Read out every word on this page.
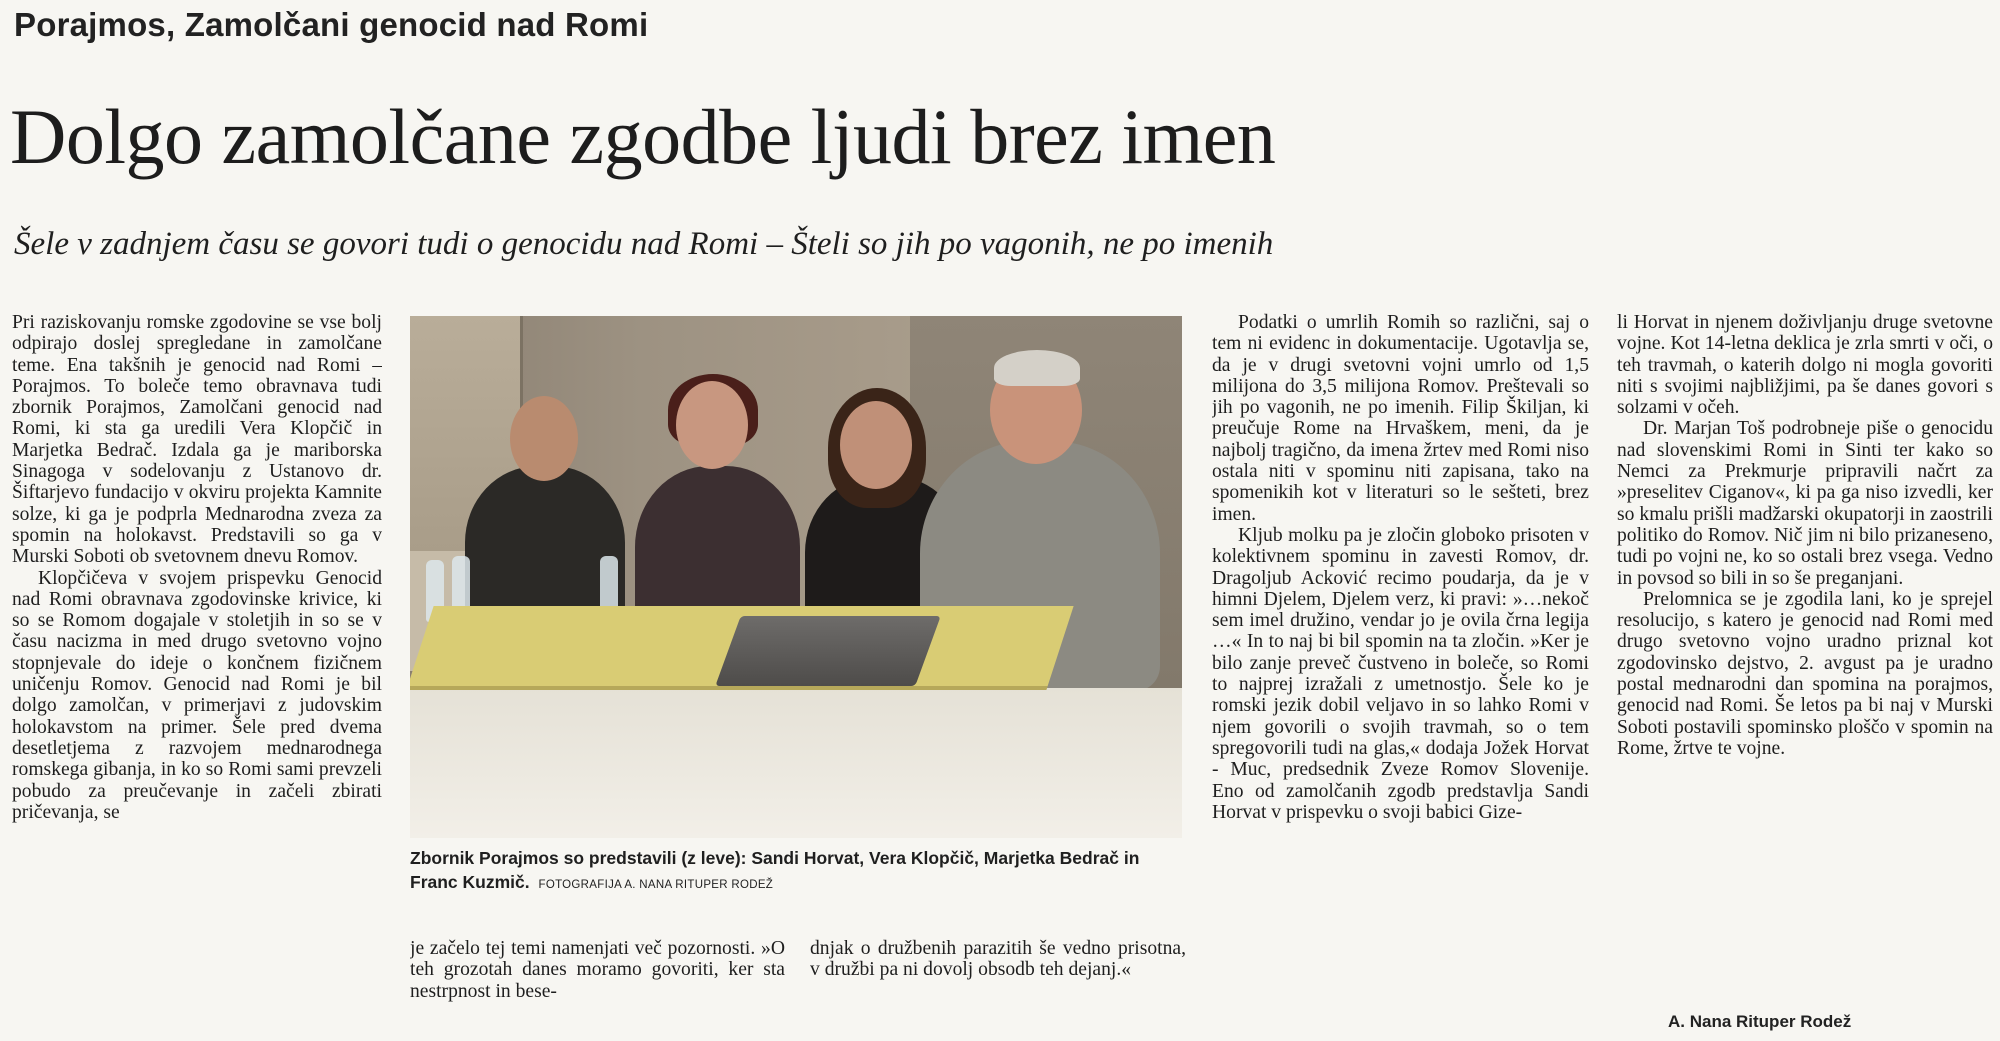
Porajmos, Zamolčani genocid nad Romi
Dolgo zamolčane zgodbe ljudi brez imen
Šele v zadnjem času se govori tudi o genocidu nad Romi – Šteli so jih po vagonih, ne po imenih

Pri raziskovanju romske zgodovine se vse bolj odpirajo doslej spregledane in zamolčane teme. Ena takšnih je genocid nad Romi – Porajmos. To boleče temo obravnava tudi zbornik Porajmos, Zamolčani genocid nad Romi, ki sta ga uredili Vera Klopčič in Marjetka Bedrač. Izdala ga je mariborska Sinagoga v sodelovanju z Ustanovo dr. Šiftarjevo fundacijo v okviru projekta Kamnite solze, ki ga je podprla Mednarodna zveza za spomin na holokavst. Predstavili so ga v Murski Soboti ob svetovnem dnevu Romov.

Klopčičeva v svojem prispevku Genocid nad Romi obravnava zgodovinske krivice, ki so se Romom dogajale v stoletjih in so se v času nacizma in med drugo svetovno vojno stopnjevale do ideje o končnem fizičnem uničenju Romov. Genocid nad Romi je bil dolgo zamolčan, v primerjavi z judovskim holokavstom na primer. Šele pred dvema desetletjema z razvojem mednarodnega romskega gibanja, in ko so Romi sami prevzeli pobudo za preučevanje in začeli zbirati pričevanja, se

Zbornik Porajmos so predstavili (z leve): Sandi Horvat, Vera Klopčič, Marjetka Bedrač in Franc Kuzmič. FOTOGRAFIJA A. NANA RITUPER RODEŽ

je začelo tej temi namenjati več pozornosti. »O teh grozotah danes moramo govoriti, ker sta nestrpnost in bese-

dnjak o družbenih parazitih še vedno prisotna, v družbi pa ni dovolj obsodb teh dejanj.«

Podatki o umrlih Romih so različni, saj o tem ni evidenc in dokumentacije. Ugotavlja se, da je v drugi svetovni vojni umrlo od 1,5 milijona do 3,5 milijona Romov. Preštevali so jih po vagonih, ne po imenih. Filip Škiljan, ki preučuje Rome na Hrvaškem, meni, da je najbolj tragično, da imena žrtev med Romi niso ostala niti v spominu niti zapisana, tako na spomenikih kot v literaturi so le sešteti, brez imen.

Kljub molku pa je zločin globoko prisoten v kolektivnem spominu in zavesti Romov, dr. Dragoljub Acković recimo poudarja, da je v himni Djelem, Djelem verz, ki pravi: »…nekoč sem imel družino, vendar jo je ovila črna legija …« In to naj bi bil spomin na ta zločin. »Ker je bilo zanje preveč čustveno in boleče, so Romi to najprej izražali z umetnostjo. Šele ko je romski jezik dobil veljavo in so lahko Romi v njem govorili o svojih travmah, so o tem spregovorili tudi na glas,« dodaja Jožek Horvat - Muc, predsednik Zveze Romov Slovenije. Eno od zamolčanih zgodb predstavlja Sandi Horvat v prispevku o svoji babici Gize-

li Horvat in njenem doživljanju druge svetovne vojne. Kot 14-letna deklica je zrla smrti v oči, o teh travmah, o katerih dolgo ni mogla govoriti niti s svojimi najbližjimi, pa še danes govori s solzami v očeh.

Dr. Marjan Toš podrobneje piše o genocidu nad slovenskimi Romi in Sinti ter kako so Nemci za Prekmurje pripravili načrt za »preselitev Ciganov«, ki pa ga niso izvedli, ker so kmalu prišli madžarski okupatorji in zaostrili politiko do Romov. Nič jim ni bilo prizaneseno, tudi po vojni ne, ko so ostali brez vsega. Vedno in povsod so bili in so še preganjani.

Prelomnica se je zgodila lani, ko je sprejel resolucijo, s katero je genocid nad Romi med drugo svetovno vojno uradno priznal kot zgodovinsko dejstvo, 2. avgust pa je uradno postal mednarodni dan spomina na porajmos, genocid nad Romi. Še letos pa bi naj v Murski Soboti postavili spominsko ploščo v spomin na Rome, žrtve te vojne.

A. Nana Rituper Rodež
